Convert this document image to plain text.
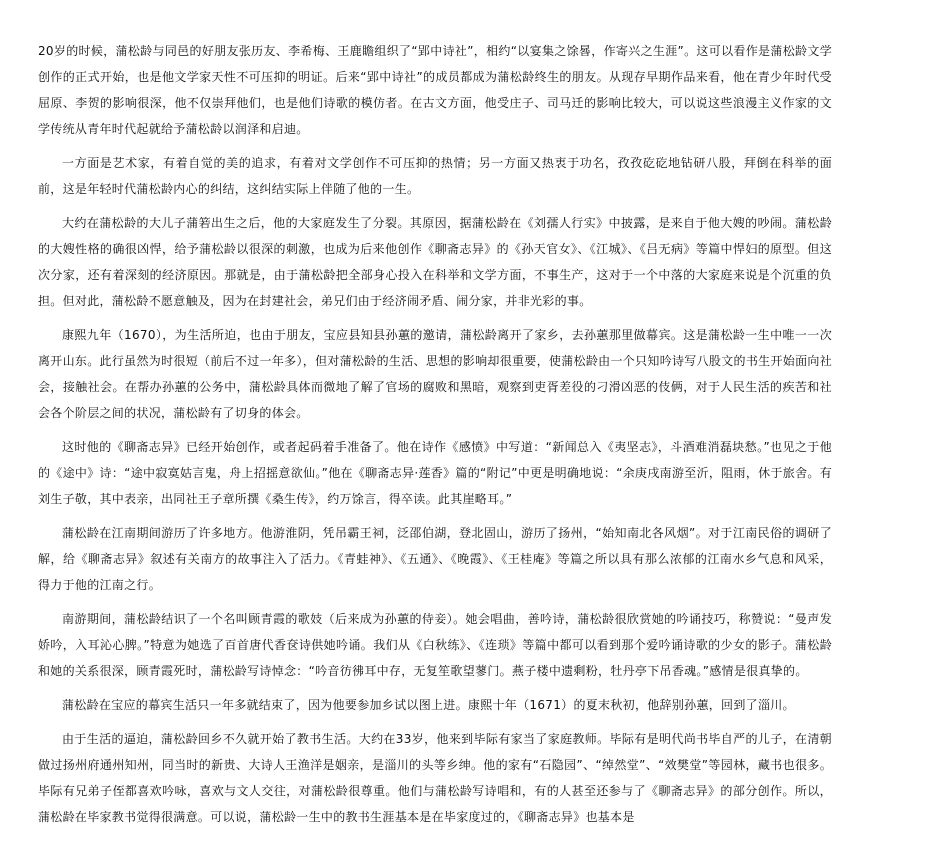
20岁的时候，蒲松龄与同邑的好朋友张历友、李希梅、王鹿瞻组织了“郢中诗社”，相约“以宴集之馀晷，作寄兴之生涯”。这可以看作是蒲松龄文学创作的正式开始，也是他文学家天性不可压抑的明证。后来“郢中诗社”的成员都成为蒲松龄终生的朋友。从现存早期作品来看，他在青少年时代受屈原、李贺的影响很深，他不仅崇拜他们，也是他们诗歌的模仿者。在古文方面，他受庄子、司马迁的影响比较大，可以说这些浪漫主义作家的文学传统从青年时代起就给予蒲松龄以润泽和启迪。

一方面是艺术家，有着自觉的美的追求，有着对文学创作不可压抑的热情；另一方面又热衷于功名，孜孜矻矻地钻研八股，拜倒在科举的面前，这是年轻时代蒲松龄内心的纠结，这纠结实际上伴随了他的一生。

大约在蒲松龄的大儿子蒲箬出生之后，他的大家庭发生了分裂。其原因，据蒲松龄在《刘孺人行实》中披露，是来自于他大嫂的吵闹。蒲松龄的大嫂性格的确很凶悍，给予蒲松龄以很深的刺激，也成为后来他创作《聊斋志异》的《孙天官女》、《江城》、《吕无病》等篇中悍妇的原型。但这次分家，还有着深刻的经济原因。那就是，由于蒲松龄把全部身心投入在科举和文学方面，不事生产，这对于一个中落的大家庭来说是个沉重的负担。但对此，蒲松龄不愿意触及，因为在封建社会，弟兄们由于经济闹矛盾、闹分家，并非光彩的事。

康熙九年（1670），为生活所迫，也由于朋友，宝应县知县孙蕙的邀请，蒲松龄离开了家乡，去孙蕙那里做幕宾。这是蒲松龄一生中唯一一次离开山东。此行虽然为时很短（前后不过一年多），但对蒲松龄的生活、思想的影响却很重要，使蒲松龄由一个只知吟诗写八股文的书生开始面向社会，接触社会。在帮办孙蕙的公务中，蒲松龄具体而微地了解了官场的腐败和黑暗，观察到吏胥差役的刁滑凶恶的伎俩，对于人民生活的疾苦和社会各个阶层之间的状况，蒲松龄有了切身的体会。

这时他的《聊斋志异》已经开始创作，或者起码着手准备了。他在诗作《感愤》中写道：“新闻总入《夷坚志》，斗酒难消磊块愁。”也见之于他的《途中》诗：“途中寂寞姑言鬼，舟上招摇意欲仙。”他在《聊斋志异·莲香》篇的“附记”中更是明确地说：“余庚戌南游至沂，阻雨，休于旅舍。有刘生子敬，其中表亲，出同社王子章所撰《桑生传》，约万馀言，得卒读。此其崖略耳。”

蒲松龄在江南期间游历了许多地方。他游淮阴，凭吊霸王祠，泛邵伯湖，登北固山，游历了扬州，“始知南北各风烟”。对于江南民俗的调研了解，给《聊斋志异》叙述有关南方的故事注入了活力。《青蛙神》、《五通》、《晚霞》、《王桂庵》等篇之所以具有那么浓郁的江南水乡气息和风采，得力于他的江南之行。

南游期间，蒲松龄结识了一个名叫顾青霞的歌妓（后来成为孙蕙的侍妾）。她会唱曲，善吟诗，蒲松龄很欣赏她的吟诵技巧，称赞说：“曼声发娇吟，入耳沁心脾。”特意为她选了百首唐代香奁诗供她吟诵。我们从《白秋练》、《连琐》等篇中都可以看到那个爱吟诵诗歌的少女的影子。蒲松龄和她的关系很深，顾青霞死时，蒲松龄写诗悼念：“吟音彷彿耳中存，无复笙歌望蓼门。燕子楼中遗剩粉，牡丹亭下吊香魂。”感情是很真挚的。

蒲松龄在宝应的幕宾生活只一年多就结束了，因为他要参加乡试以图上进。康熙十年（1671）的夏末秋初，他辞别孙蕙，回到了淄川。

由于生活的逼迫，蒲松龄回乡不久就开始了教书生活。大约在33岁，他来到毕际有家当了家庭教师。毕际有是明代尚书毕自严的儿子，在清朝做过扬州府通州知州，同当时的新贵、大诗人王渔洋是姻亲，是淄川的头等乡绅。他的家有“石隐园”、“绰然堂”、“效樊堂”等园林，藏书也很多。毕际有兄弟子侄都喜欢吟咏，喜欢与文人交往，对蒲松龄很尊重。他们与蒲松龄写诗唱和，有的人甚至还参与了《聊斋志异》的部分创作。所以，蒲松龄在毕家教书觉得很满意。可以说，蒲松龄一生中的教书生涯基本是在毕家度过的，《聊斋志异》也基本是
